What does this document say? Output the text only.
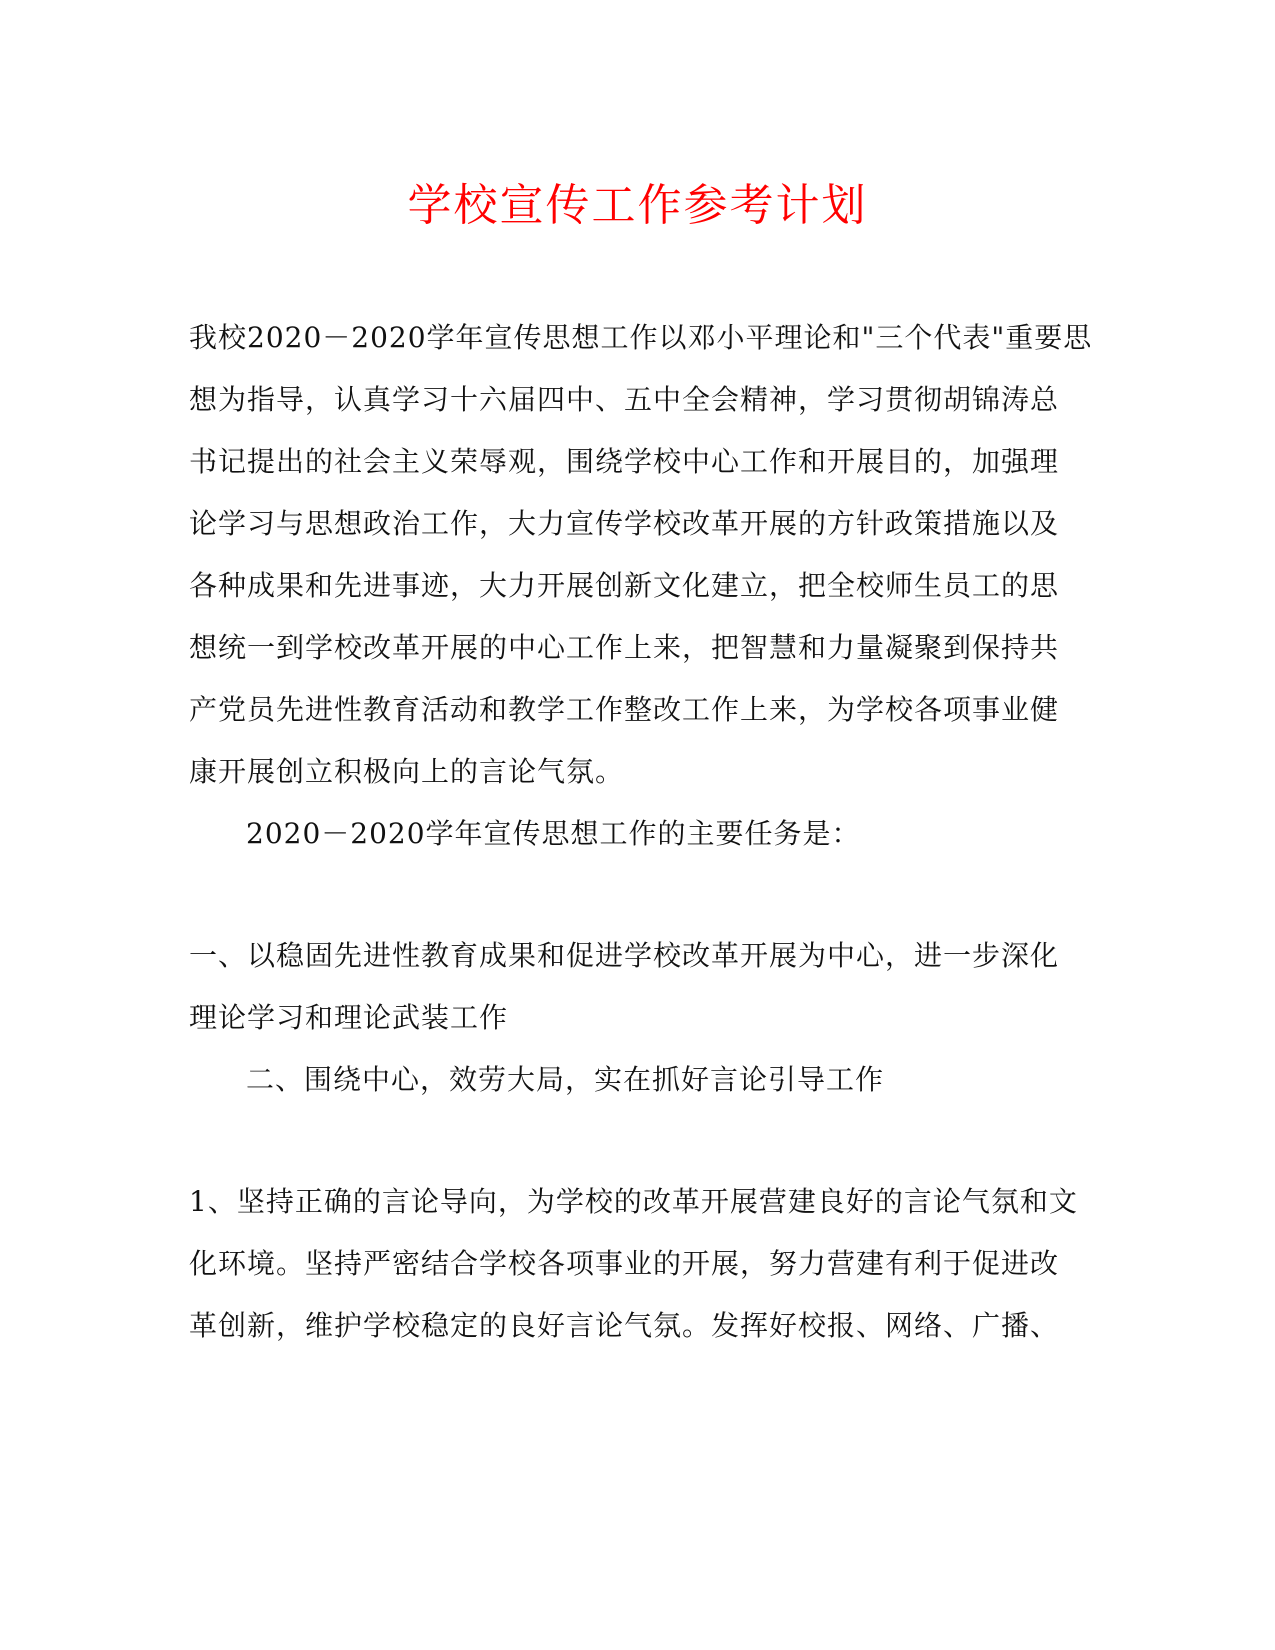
学校宣传工作参考计划
我校2020－2020学年宣传思想工作以邓小平理论和"三个代表"重要思
想为指导，认真学习十六届四中、五中全会精神，学习贯彻胡锦涛总
书记提出的社会主义荣辱观，围绕学校中心工作和开展目的，加强理
论学习与思想政治工作，大力宣传学校改革开展的方针政策措施以及
各种成果和先进事迹，大力开展创新文化建立，把全校师生员工的思
想统一到学校改革开展的中心工作上来，把智慧和力量凝聚到保持共
产党员先进性教育活动和教学工作整改工作上来，为学校各项事业健
康开展创立积极向上的言论气氛。
2020－2020学年宣传思想工作的主要任务是：
一、以稳固先进性教育成果和促进学校改革开展为中心，进一步深化
理论学习和理论武装工作
二、围绕中心，效劳大局，实在抓好言论引导工作
1、坚持正确的言论导向，为学校的改革开展营建良好的言论气氛和文
化环境。坚持严密结合学校各项事业的开展，努力营建有利于促进改
革创新，维护学校稳定的良好言论气氛。发挥好校报、网络、广播、
